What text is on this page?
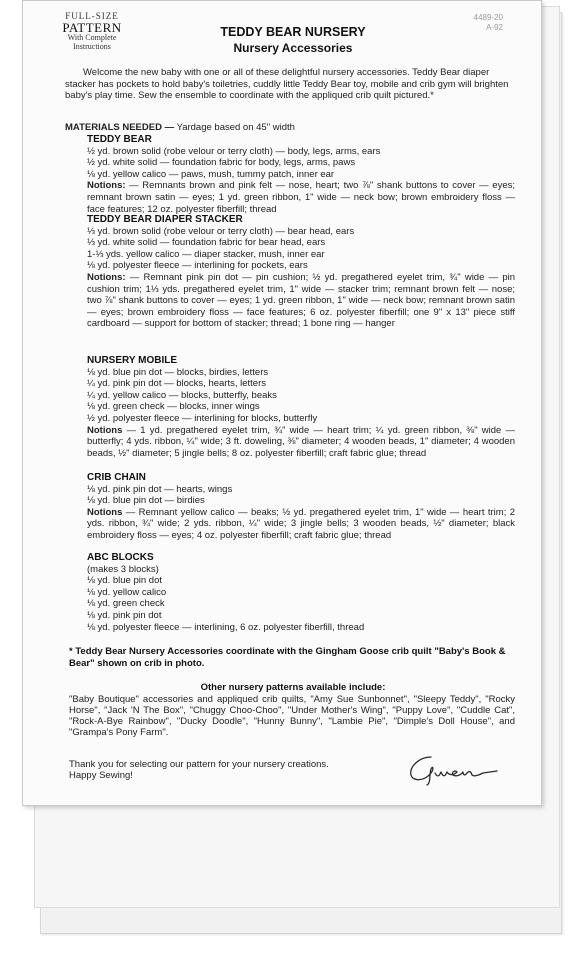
FULL-SIZE
PATTERN
With Complete
Instructions
4489-20
A-92
TEDDY BEAR NURSERY
Nursery Accessories
Welcome the new baby with one or all of these delightful nursery accessories. Teddy Bear diaper stacker has pockets to hold baby's toiletries, cuddly little Teddy Bear toy, mobile and crib gym will brighten baby's play time. Sew the ensemble to coordinate with the appliqued crib quilt pictured.*
MATERIALS NEEDED — Yardage based on 45" width
TEDDY BEAR
½ yd. brown solid (robe velour or terry cloth) — body, legs, arms, ears
½ yd. white solid — foundation fabric for body, legs, arms, paws
⅛ yd. yellow calico — paws, mush, tummy patch, inner ear
Notions: — Remnants brown and pink felt — nose, heart; two ⅞" shank buttons to cover — eyes; remnant brown satin — eyes; 1 yd. green ribbon, 1" wide — neck bow; brown embroidery floss — face features; 12 oz. polyester fiberfill; thread
TEDDY BEAR DIAPER STACKER
⅓ yd. brown solid (robe velour or terry cloth) — bear head, ears
⅓ yd. white solid — foundation fabric for bear head, ears
1-⅓ yds. yellow calico — diaper stacker, mush, inner ear
⅛ yd. polyester fleece — interlining for pockets, ears
Notions: — Remnant pink pin dot — pin cushion; ½ yd. pregathered eyelet trim, ¾" wide — pin cushion trim; 1⅓ yds. pregathered eyelet trim, 1" wide — stacker trim; remnant brown felt — nose; two ⅞" shank buttons to cover — eyes; 1 yd. green ribbon, 1" wide — neck bow; remnant brown satin — eyes; brown embroidery floss — face features; 6 oz. polyester fiberfill; one 9" x 13" piece stiff cardboard — support for bottom of stacker; thread; 1 bone ring — hanger
NURSERY MOBILE
⅛ yd. blue pin dot — blocks, birdies, letters
¼ yd. pink pin dot — blocks, hearts, letters
¼ yd. yellow calico — blocks, butterfly, beaks
⅛ yd. green check — blocks, inner wings
½ yd. polyester fleece — interlining for blocks, butterfly
Notions — 1 yd. pregathered eyelet trim, ¾" wide — heart trim; ¼ yd. green ribbon, ⅜" wide — butterfly; 4 yds. ribbon, ¼" wide; 3 ft. doweling, ⅜" diameter; 4 wooden beads, 1" diameter; 4 wooden beads, ½" diameter; 5 jingle bells; 8 oz. polyester fiberfill; craft fabric glue; thread
CRIB CHAIN
⅛ yd. pink pin dot — hearts, wings
⅛ yd. blue pin dot — birdies
Notions — Remnant yellow calico — beaks; ½ yd. pregathered eyelet trim, 1" wide — heart trim; 2 yds. ribbon, ¾" wide; 2 yds. ribbon, ¼" wide; 3 jingle bells; 3 wooden beads, ½" diameter; black embroidery floss — eyes; 4 oz. polyester fiberfill; craft fabric glue; thread
ABC BLOCKS
(makes 3 blocks)
⅛ yd. blue pin dot
⅛ yd. yellow calico
⅛ yd. green check
⅛ yd. pink pin dot
⅛ yd. polyester fleece — interlining, 6 oz. polyester fiberfill, thread
* Teddy Bear Nursery Accessories coordinate with the Gingham Goose crib quilt "Baby's Book & Bear" shown on crib in photo.
Other nursery patterns available include:
"Baby Boutique" accessories and appliqued crib quilts, "Amy Sue Sunbonnet", "Sleepy Teddy", "Rocky Horse", "Jack 'N The Box", "Chuggy Choo-Choo", "Under Mother's Wing", "Puppy Love", "Cuddle Cat", "Rock-A-Bye Rainbow", "Ducky Doodle", "Hunny Bunny", "Lambie Pie", "Dimple's Doll House", and "Grampa's Pony Farm".
Thank you for selecting our pattern for your nursery creations.
Happy Sewing!
